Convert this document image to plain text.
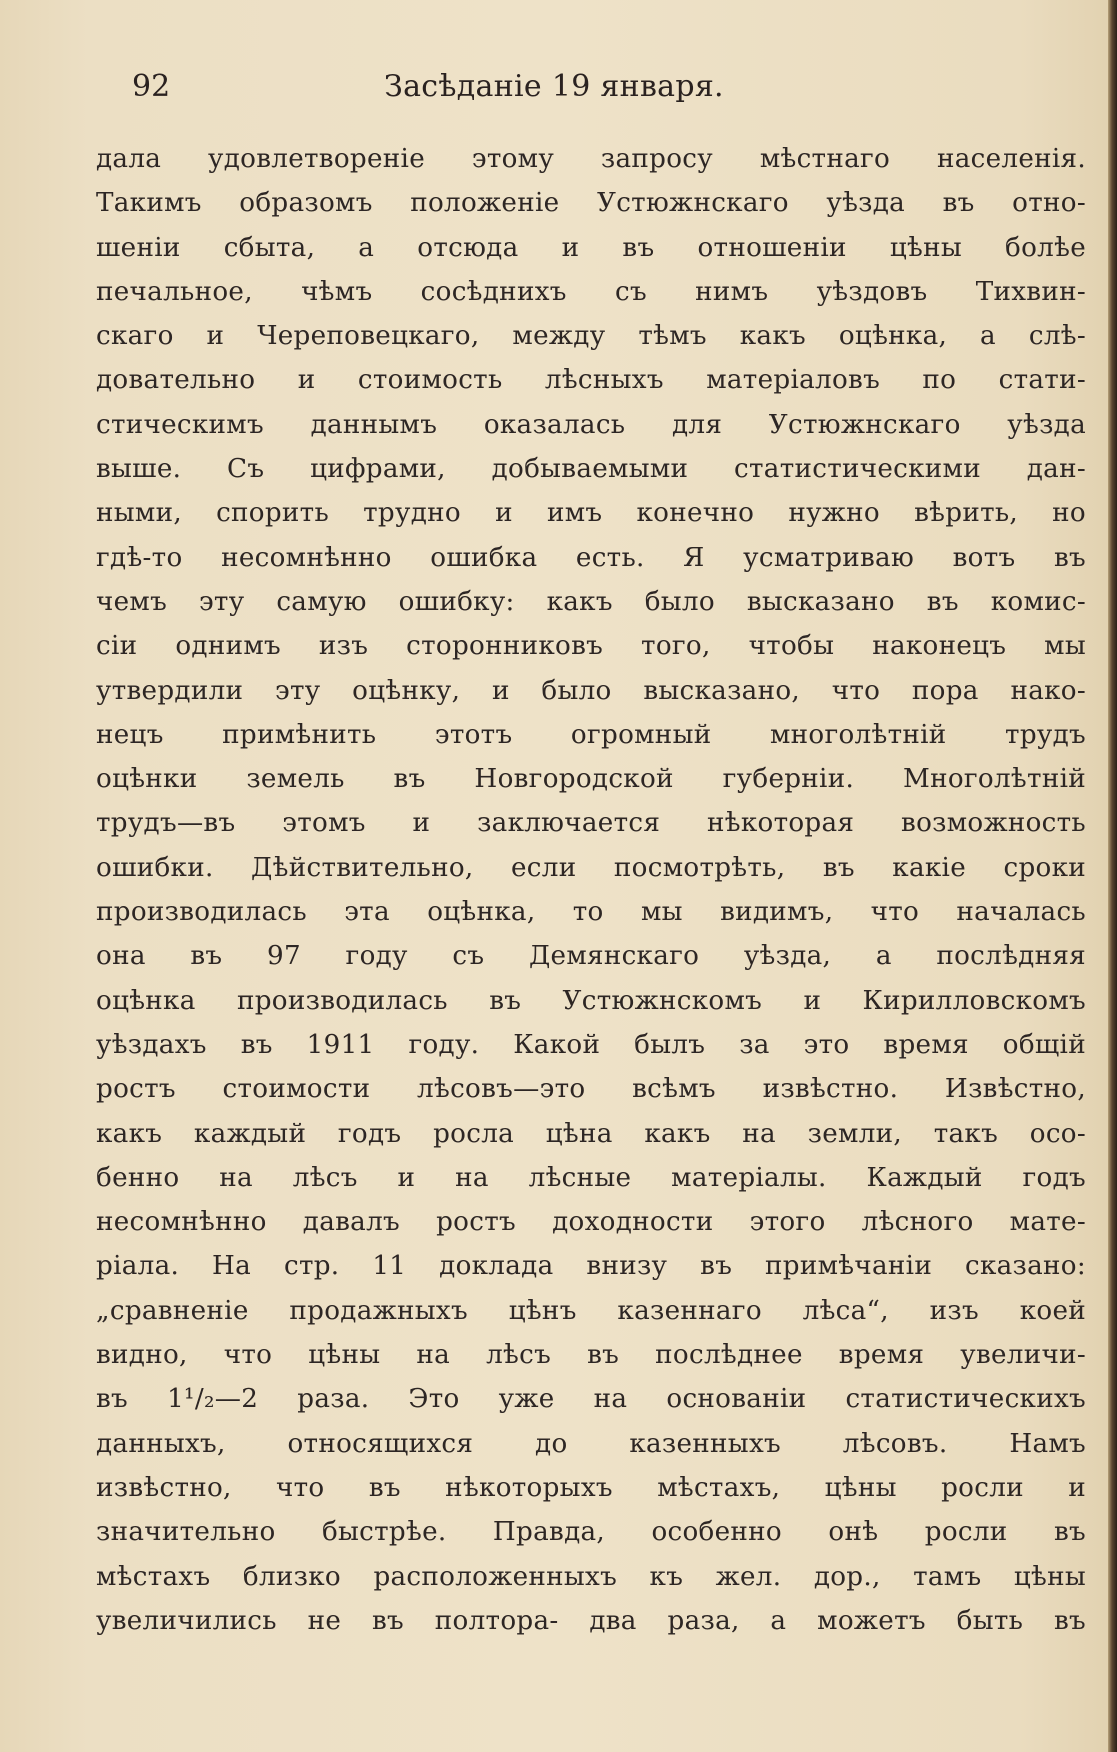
92	Засѣданіе 19 января.
дала удовлетвореніе этому запросу мѣстнаго населенія.
Такимъ образомъ положеніе Устюжнскаго уѣзда въ отно-
шеніи сбыта, а отсюда и въ отношеніи цѣны болѣе
печальное, чѣмъ сосѣднихъ съ нимъ уѣздовъ Тихвин-
скаго и Череповецкаго, между тѣмъ какъ оцѣнка, а слѣ-
довательно и стоимость лѣсныхъ матеріаловъ по стати-
стическимъ даннымъ оказалась для Устюжнскаго уѣзда
выше. Съ цифрами, добываемыми статистическими дан-
ными, спорить трудно и имъ конечно нужно вѣрить, но
гдѣ-то несомнѣнно ошибка есть. Я усматриваю вотъ въ
чемъ эту самую ошибку: какъ было высказано въ комис-
сіи однимъ изъ сторонниковъ того, чтобы наконецъ мы
утвердили эту оцѣнку, и было высказано, что пора нако-
нецъ примѣнить этотъ огромный многолѣтній трудъ
оцѣнки земель въ Новгородской губерніи. Многолѣтній
трудъ—въ этомъ и заключается нѣкоторая возможность
ошибки. Дѣйствительно, если посмотрѣть, въ какіе сроки
производилась эта оцѣнка, то мы видимъ, что началась
она въ 97 году съ Демянскаго уѣзда, а послѣдняя
оцѣнка производилась въ Устюжнскомъ и Кирилловскомъ
уѣздахъ въ 1911 году. Какой былъ за это время общій
ростъ стоимости лѣсовъ—это всѣмъ извѣстно. Извѣстно,
какъ каждый годъ росла цѣна какъ на земли, такъ осо-
бенно на лѣсъ и на лѣсные матеріалы. Каждый годъ
несомнѣнно давалъ ростъ доходности этого лѣсного мате-
ріала. На стр. 11 доклада внизу въ примѣчаніи сказано:
„сравненіе продажныхъ цѣнъ казеннаго лѣса“, изъ коей
видно, что цѣны на лѣсъ въ послѣднее время увеличи-
въ 1¹/₂—2 раза. Это уже на основаніи статистическихъ
данныхъ, относящихся до казенныхъ лѣсовъ. Намъ
извѣстно, что въ нѣкоторыхъ мѣстахъ, цѣны росли и
значительно быстрѣе. Правда, особенно онѣ росли въ
мѣстахъ близко расположенныхъ къ жел. дор., тамъ цѣны
увеличились не въ полтора- два раза, а можетъ быть въ
